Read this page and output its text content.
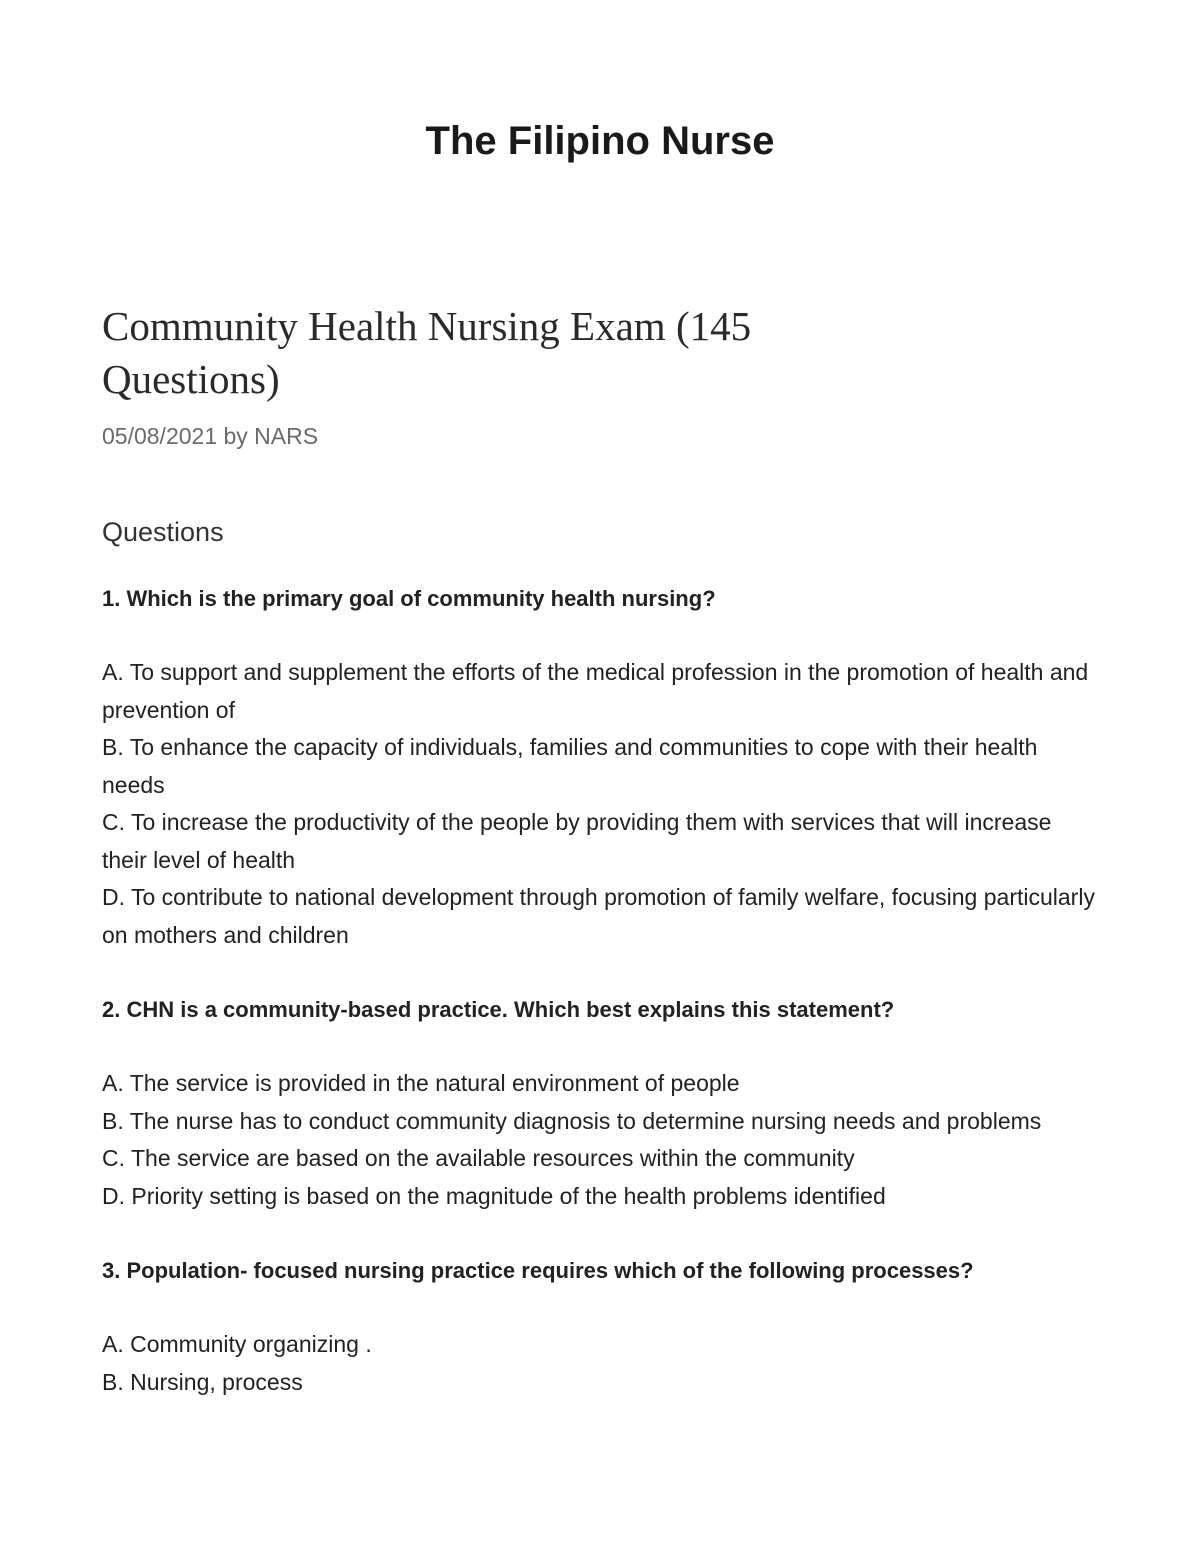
The Filipino Nurse
Community Health Nursing Exam (145 Questions)
05/08/2021 by NARS
Questions

1. Which is the primary goal of community health nursing?

A. To support and supplement the efforts of the medical profession in the promotion of health and prevention of

B. To enhance the capacity of individuals, families and communities to cope with their health needs

C. To increase the productivity of the people by providing them with services that will increase their level of health

D. To contribute to national development through promotion of family welfare, focusing particularly on mothers and children

2. CHN is a community-based practice. Which best explains this statement?

A. The service is provided in the natural environment of people

B. The nurse has to conduct community diagnosis to determine nursing needs and problems

C. The service are based on the available resources within the community

D. Priority setting is based on the magnitude of the health problems identified

3. Population- focused nursing practice requires which of the following processes?

A. Community organizing .

B. Nursing, process
